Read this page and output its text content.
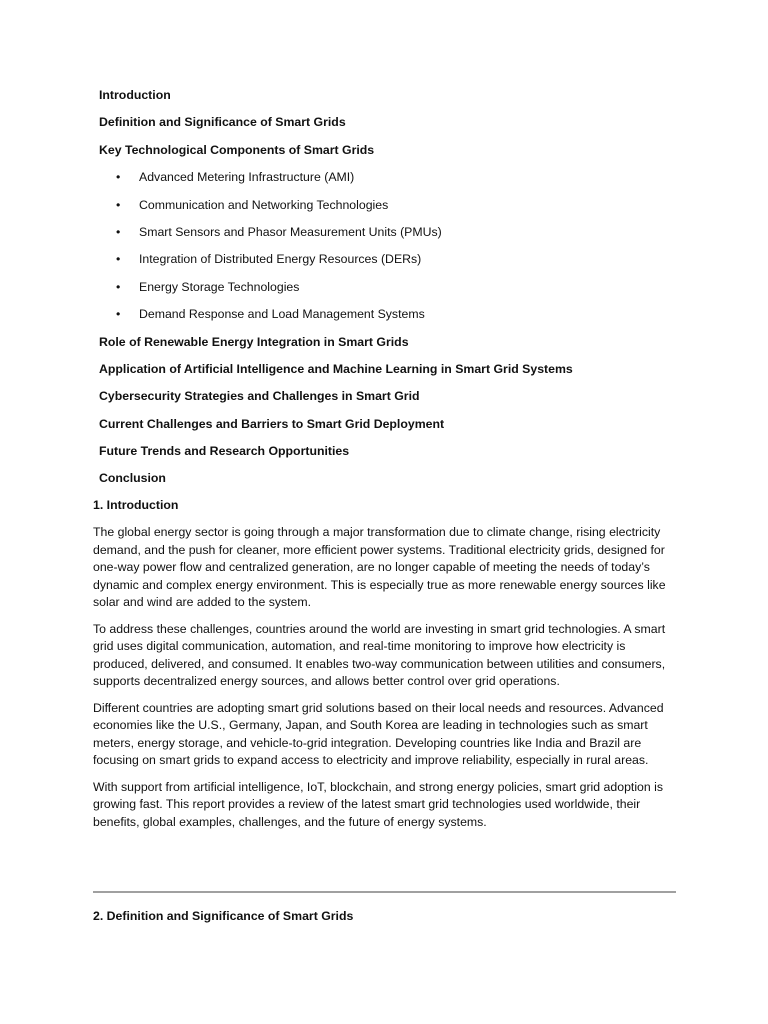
Introduction
Definition and Significance of Smart Grids
Key Technological Components of Smart Grids
• Advanced Metering Infrastructure (AMI)
• Communication and Networking Technologies
• Smart Sensors and Phasor Measurement Units (PMUs)
• Integration of Distributed Energy Resources (DERs)
• Energy Storage Technologies
• Demand Response and Load Management Systems
Role of Renewable Energy Integration in Smart Grids
Application of Artificial Intelligence and Machine Learning in Smart Grid Systems
Cybersecurity Strategies and Challenges in Smart Grid
Current Challenges and Barriers to Smart Grid Deployment
Future Trends and Research Opportunities
Conclusion
1. Introduction

The global energy sector is going through a major transformation due to climate change, rising electricity demand, and the push for cleaner, more efficient power systems. Traditional electricity grids, designed for one-way power flow and centralized generation, are no longer capable of meeting the needs of today’s dynamic and complex energy environment. This is especially true as more renewable energy sources like solar and wind are added to the system.

To address these challenges, countries around the world are investing in smart grid technologies. A smart grid uses digital communication, automation, and real-time monitoring to improve how electricity is produced, delivered, and consumed. It enables two-way communication between utilities and consumers, supports decentralized energy sources, and allows better control over grid operations.

Different countries are adopting smart grid solutions based on their local needs and resources. Advanced economies like the U.S., Germany, Japan, and South Korea are leading in technologies such as smart meters, energy storage, and vehicle-to-grid integration. Developing countries like India and Brazil are focusing on smart grids to expand access to electricity and improve reliability, especially in rural areas.

With support from artificial intelligence, IoT, blockchain, and strong energy policies, smart grid adoption is growing fast. This report provides a review of the latest smart grid technologies used worldwide, their benefits, global examples, challenges, and the future of energy systems.

2. Definition and Significance of Smart Grids
